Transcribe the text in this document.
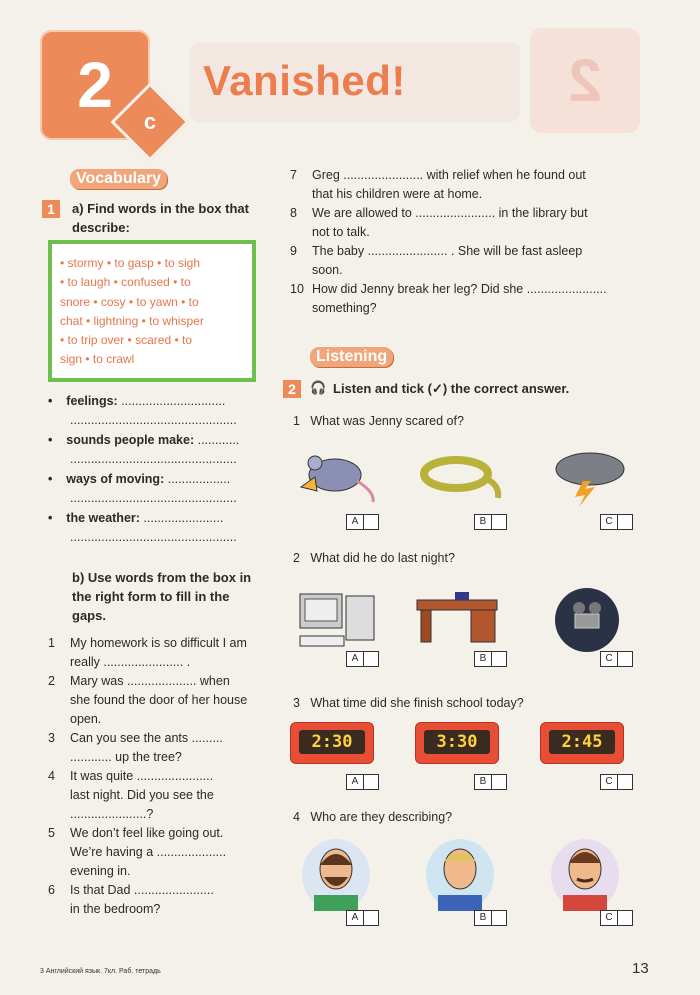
2
2
c
Vanished!
Vocabulary
1	a) Find words in the box that describe:
• stormy • to gasp • to sigh
• to laugh • confused • to
snore • cosy • to yawn • to
chat • lightning • to whisper
• to trip over • scared • to
sign • to crawl
• feelings: ..............................
................................................
• sounds people make: ............
................................................
• ways of moving: ..................
................................................
• the weather: .......................
................................................
b) Use words from the box in the right form to fill in the gaps.
1	My homework is so difficult I am
really ....................... .
2	Mary was .................... when
she found the door of her house
open.
3	Can you see the ants .........
............ up the tree?
4	It was quite ......................
last night. Did you see the
......................?
5	We don’t feel like going out.
We’re having a ....................
evening in.
6	Is that Dad .......................
in the bedroom?
7	Greg ....................... with relief when he found out
that his children were at home.
8	We are allowed to ....................... in the library but
not to talk.
9	The baby ....................... . She will be fast asleep
soon.
10 How did Jenny break her leg? Did she .......................
something?
Listening
2	🎧 Listen and tick (✓) the correct answer.
1 What was Jenny scared of?
2 What did he do last night?
3 What time did she finish school today?
4 Who are they describing?
2:30	3:30	2:45
A	B	C
A	B	C
A	B	C
A	B	C
3 Английский язык. 7кл. Раб. тетрадь	13
